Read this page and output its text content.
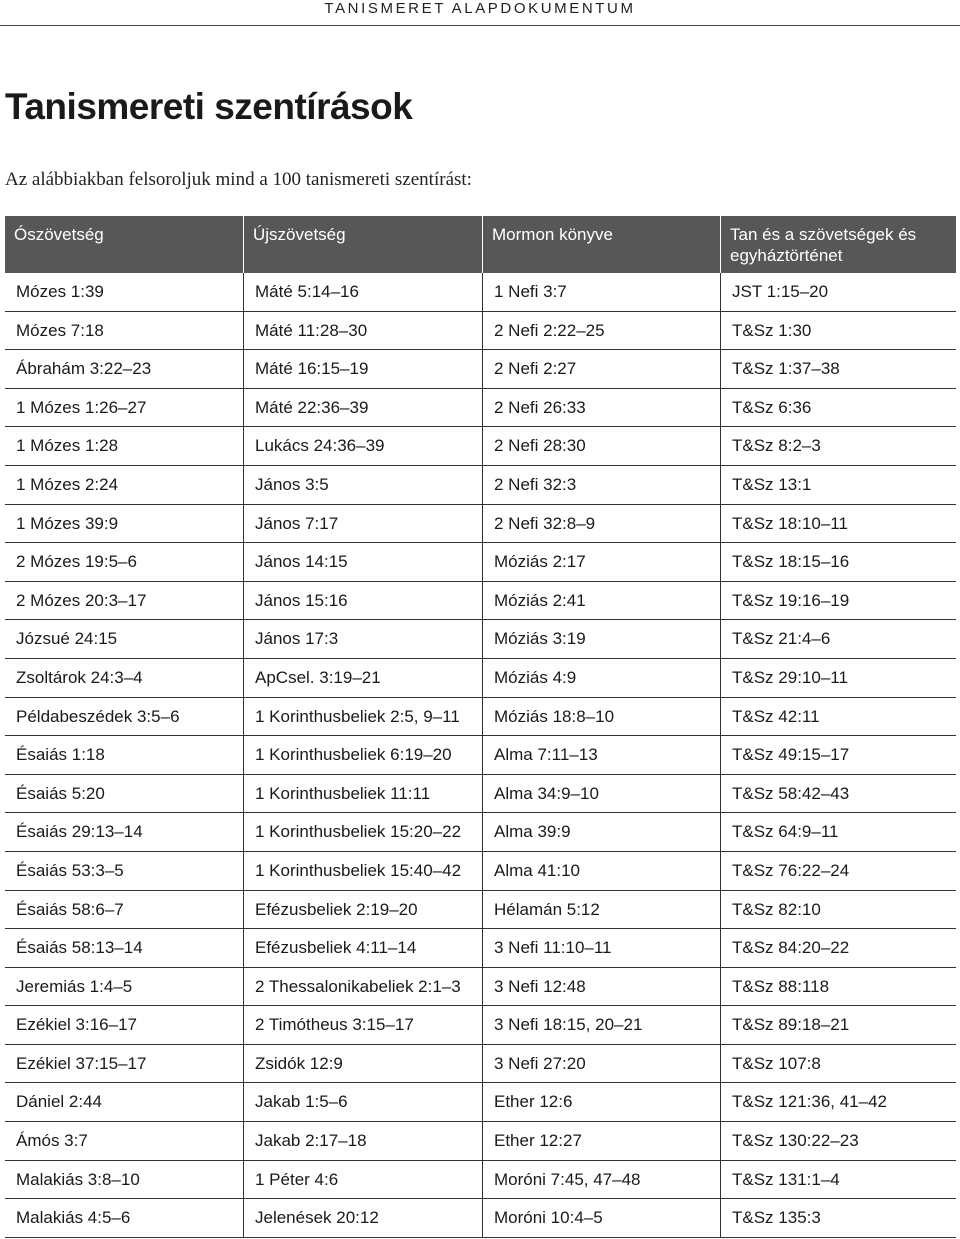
TANISMERET ALAPDOKUMENTUM
Tanismereti szentírások

Az alábbiakban felsoroljuk mind a 100 tanismereti szentírást:

Ószövetség	Újszövetség	Mormon könyve	Tan és a szövetségek és egyháztörténet
Mózes 1:39	Máté 5:14–16	1 Nefi 3:7	JST 1:15–20
Mózes 7:18	Máté 11:28–30	2 Nefi 2:22–25	T&Sz 1:30
Ábrahám 3:22–23	Máté 16:15–19	2 Nefi 2:27	T&Sz 1:37–38
1 Mózes 1:26–27	Máté 22:36–39	2 Nefi 26:33	T&Sz 6:36
1 Mózes 1:28	Lukács 24:36–39	2 Nefi 28:30	T&Sz 8:2–3
1 Mózes 2:24	János 3:5	2 Nefi 32:3	T&Sz 13:1
1 Mózes 39:9	János 7:17	2 Nefi 32:8–9	T&Sz 18:10–11
2 Mózes 19:5–6	János 14:15	Móziás 2:17	T&Sz 18:15–16
2 Mózes 20:3–17	János 15:16	Móziás 2:41	T&Sz 19:16–19
Józsué 24:15	János 17:3	Móziás 3:19	T&Sz 21:4–6
Zsoltárok 24:3–4	ApCsel. 3:19–21	Móziás 4:9	T&Sz 29:10–11
Példabeszédek 3:5–6	1 Korinthusbeliek 2:5, 9–11	Móziás 18:8–10	T&Sz 42:11
Ésaiás 1:18	1 Korinthusbeliek 6:19–20	Alma 7:11–13	T&Sz 49:15–17
Ésaiás 5:20	1 Korinthusbeliek 11:11	Alma 34:9–10	T&Sz 58:42–43
Ésaiás 29:13–14	1 Korinthusbeliek 15:20–22	Alma 39:9	T&Sz 64:9–11
Ésaiás 53:3–5	1 Korinthusbeliek 15:40–42	Alma 41:10	T&Sz 76:22–24
Ésaiás 58:6–7	Efézusbeliek 2:19–20	Hélamán 5:12	T&Sz 82:10
Ésaiás 58:13–14	Efézusbeliek 4:11–14	3 Nefi 11:10–11	T&Sz 84:20–22
Jeremiás 1:4–5	2 Thessalonikabeliek 2:1–3	3 Nefi 12:48	T&Sz 88:118
Ezékiel 3:16–17	2 Timótheus 3:15–17	3 Nefi 18:15, 20–21	T&Sz 89:18–21
Ezékiel 37:15–17	Zsidók 12:9	3 Nefi 27:20	T&Sz 107:8
Dániel 2:44	Jakab 1:5–6	Ether 12:6	T&Sz 121:36, 41–42
Ámós 3:7	Jakab 2:17–18	Ether 12:27	T&Sz 130:22–23
Malakiás 3:8–10	1 Péter 4:6	Moróni 7:45, 47–48	T&Sz 131:1–4
Malakiás 4:5–6	Jelenések 20:12	Moróni 10:4–5	T&Sz 135:3
